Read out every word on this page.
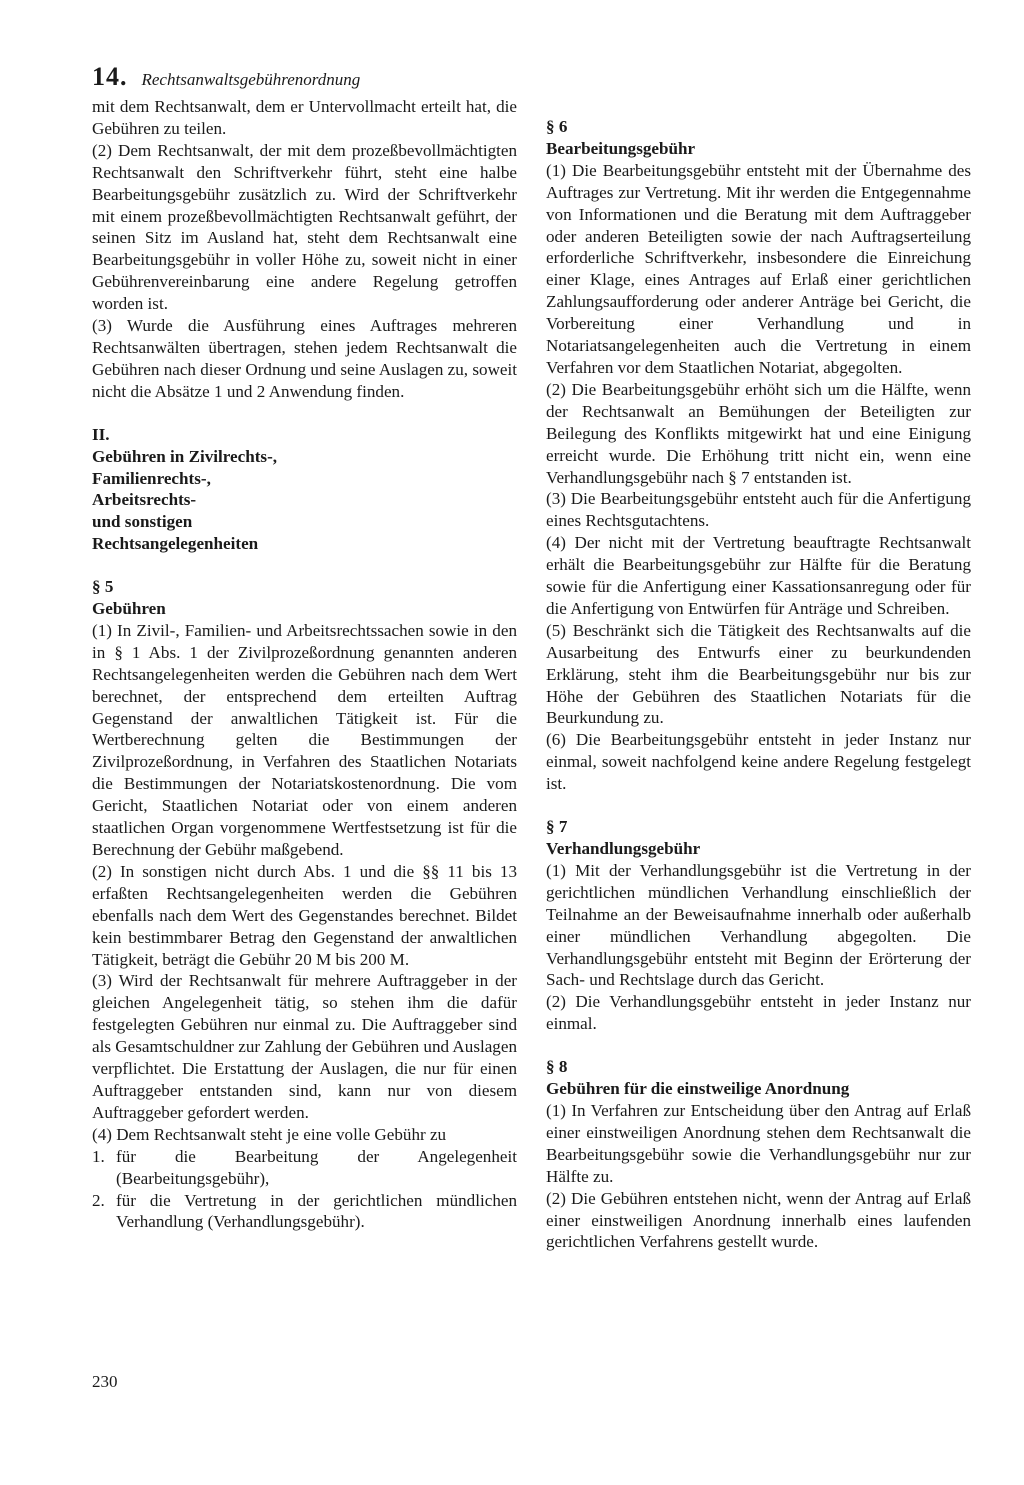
14. Rechtsanwaltsgebührenordnung

mit dem Rechtsanwalt, dem er Untervollmacht erteilt hat, die Gebühren zu teilen.

(2) Dem Rechtsanwalt, der mit dem prozeßbevollmächtigten Rechtsanwalt den Schriftverkehr führt, steht eine halbe Bearbeitungsgebühr zusätzlich zu. Wird der Schriftverkehr mit einem prozeßbevollmächtigten Rechtsanwalt geführt, der seinen Sitz im Ausland hat, steht dem Rechtsanwalt eine Bearbeitungsgebühr in voller Höhe zu, soweit nicht in einer Gebührenvereinbarung eine andere Regelung getroffen worden ist.

(3) Wurde die Ausführung eines Auftrages mehreren Rechtsanwälten übertragen, stehen jedem Rechtsanwalt die Gebühren nach dieser Ordnung und seine Auslagen zu, soweit nicht die Absätze 1 und 2 Anwendung finden.

II.

Gebühren in Zivilrechts-,

Familienrechts-,

Arbeitsrechts-

und sonstigen

Rechtsangelegenheiten

§ 5

Gebühren

(1) In Zivil-, Familien- und Arbeitsrechtssachen sowie in den in § 1 Abs. 1 der Zivilprozeßordnung genannten anderen Rechtsangelegenheiten werden die Gebühren nach dem Wert berechnet, der entsprechend dem erteilten Auftrag Gegenstand der anwaltlichen Tätigkeit ist. Für die Wertberechnung gelten die Bestimmungen der Zivilprozeßordnung, in Verfahren des Staatlichen Notariats die Bestimmungen der Notariatskostenordnung. Die vom Gericht, Staatlichen Notariat oder von einem anderen staatlichen Organ vorgenommene Wertfestsetzung ist für die Berechnung der Gebühr maßgebend.

(2) In sonstigen nicht durch Abs. 1 und die §§ 11 bis 13 erfaßten Rechtsangelegenheiten werden die Gebühren ebenfalls nach dem Wert des Gegenstandes berechnet. Bildet kein bestimmbarer Betrag den Gegenstand der anwaltlichen Tätigkeit, beträgt die Gebühr 20 M bis 200 M.

(3) Wird der Rechtsanwalt für mehrere Auftraggeber in der gleichen Angelegenheit tätig, so stehen ihm die dafür festgelegten Gebühren nur einmal zu. Die Auftraggeber sind als Gesamtschuldner zur Zahlung der Gebühren und Auslagen verpflichtet. Die Erstattung der Auslagen, die nur für einen Auftraggeber entstanden sind, kann nur von diesem Auftraggeber gefordert werden.

(4) Dem Rechtsanwalt steht je eine volle Gebühr zu

1. für die Bearbeitung der Angelegenheit (Bearbeitungsgebühr),
2. für die Vertretung in der gerichtlichen mündlichen Verhandlung (Verhandlungsgebühr).

§ 6

Bearbeitungsgebühr

(1) Die Bearbeitungsgebühr entsteht mit der Übernahme des Auftrages zur Vertretung. Mit ihr werden die Entgegennahme von Informationen und die Beratung mit dem Auftraggeber oder anderen Beteiligten sowie der nach Auftragserteilung erforderliche Schriftverkehr, insbesondere die Einreichung einer Klage, eines Antrages auf Erlaß einer gerichtlichen Zahlungsaufforderung oder anderer Anträge bei Gericht, die Vorbereitung einer Verhandlung und in Notariatsangelegenheiten auch die Vertretung in einem Verfahren vor dem Staatlichen Notariat, abgegolten.

(2) Die Bearbeitungsgebühr erhöht sich um die Hälfte, wenn der Rechtsanwalt an Bemühungen der Beteiligten zur Beilegung des Konflikts mitgewirkt hat und eine Einigung erreicht wurde. Die Erhöhung tritt nicht ein, wenn eine Verhandlungsgebühr nach § 7 entstanden ist.

(3) Die Bearbeitungsgebühr entsteht auch für die Anfertigung eines Rechtsgutachtens.

(4) Der nicht mit der Vertretung beauftragte Rechtsanwalt erhält die Bearbeitungsgebühr zur Hälfte für die Beratung sowie für die Anfertigung einer Kassationsanregung oder für die Anfertigung von Entwürfen für Anträge und Schreiben.

(5) Beschränkt sich die Tätigkeit des Rechtsanwalts auf die Ausarbeitung des Entwurfs einer zu beurkundenden Erklärung, steht ihm die Bearbeitungsgebühr nur bis zur Höhe der Gebühren des Staatlichen Notariats für die Beurkundung zu.

(6) Die Bearbeitungsgebühr entsteht in jeder Instanz nur einmal, soweit nachfolgend keine andere Regelung festgelegt ist.

§ 7

Verhandlungsgebühr

(1) Mit der Verhandlungsgebühr ist die Vertretung in der gerichtlichen mündlichen Verhandlung einschließlich der Teilnahme an der Beweisaufnahme innerhalb oder außerhalb einer mündlichen Verhandlung abgegolten. Die Verhandlungsgebühr entsteht mit Beginn der Erörterung der Sach- und Rechtslage durch das Gericht.

(2) Die Verhandlungsgebühr entsteht in jeder Instanz nur einmal.

§ 8

Gebühren für die einstweilige Anordnung

(1) In Verfahren zur Entscheidung über den Antrag auf Erlaß einer einstweiligen Anordnung stehen dem Rechtsanwalt die Bearbeitungsgebühr sowie die Verhandlungsgebühr nur zur Hälfte zu.

(2) Die Gebühren entstehen nicht, wenn der Antrag auf Erlaß einer einstweiligen Anordnung innerhalb eines laufenden gerichtlichen Verfahrens gestellt wurde.

230
